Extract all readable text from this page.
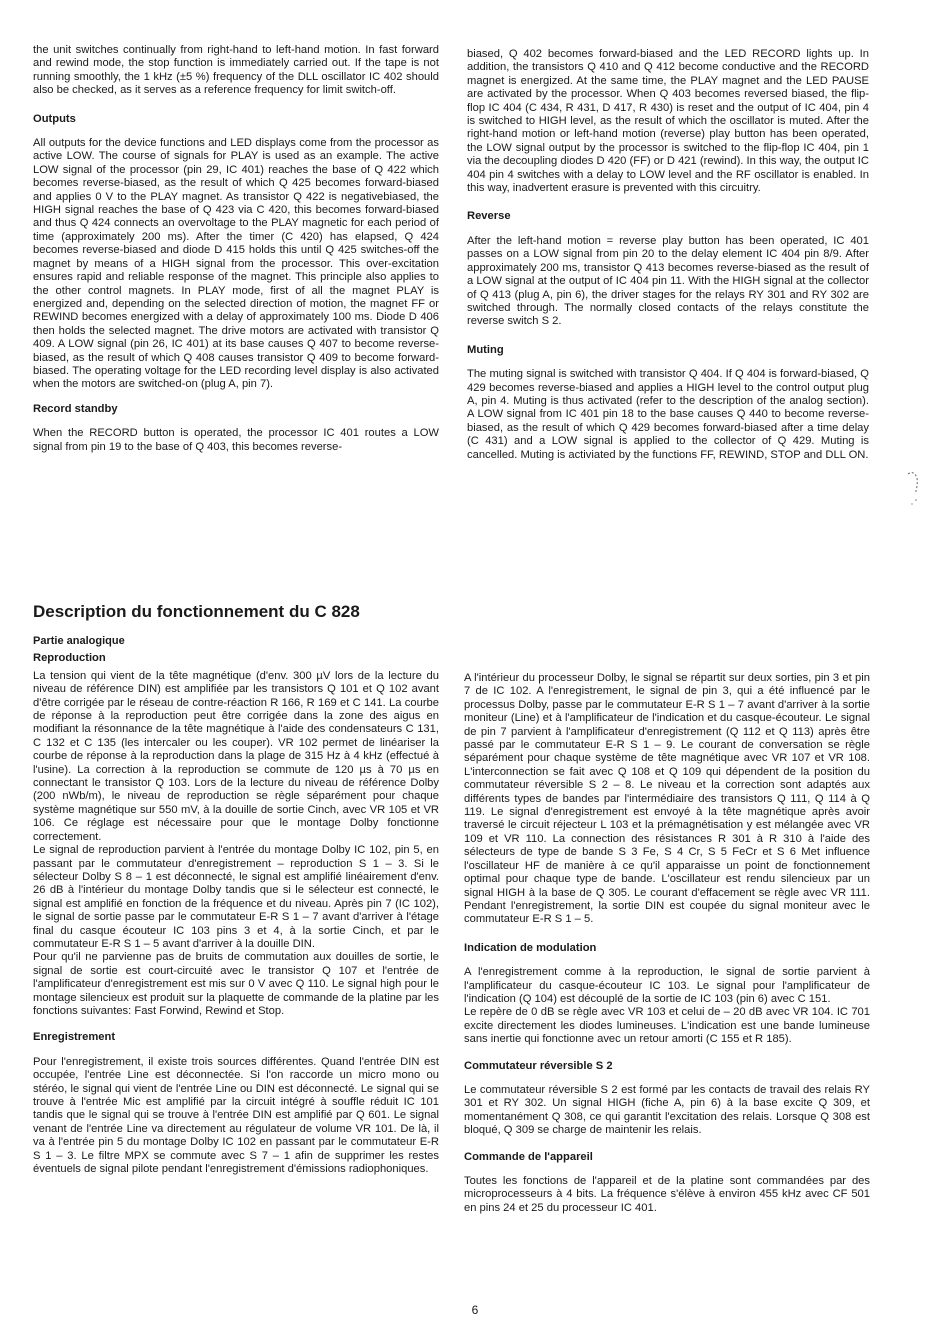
the unit switches continually from right-hand to left-hand motion. In fast forward and rewind mode, the stop function is immediately carried out. If the tape is not running smoothly, the 1 kHz (±5 %) frequency of the DLL oscillator IC 402 should also be checked, as it serves as a reference frequency for limit switch-off.

Outputs

All outputs for the device functions and LED displays come from the processor as active LOW. The course of signals for PLAY is used as an example. The active LOW signal of the processor (pin 29, IC 401) reaches the base of Q 422 which becomes reverse-biased, as the result of which Q 425 becomes forward-biased and applies 0 V to the PLAY magnet. As transistor Q 422 is negativebiased, the HIGH signal reaches the base of Q 423 via C 420, this becomes forward-biased and thus Q 424 connects an overvoltage to the PLAY magnetic for each period of time (approximately 200 ms). After the timer (C 420) has elapsed, Q 424 becomes reverse-biased and diode D 415 holds this until Q 425 switches-off the magnet by means of a HIGH signal from the processor. This over-excitation ensures rapid and reliable response of the magnet. This principle also applies to the other control magnets. In PLAY mode, first of all the magnet PLAY is energized and, depending on the selected direction of motion, the magnet FF or REWIND becomes energized with a delay of approximately 100 ms. Diode D 406 then holds the selected magnet. The drive motors are activated with transistor Q 409. A LOW signal (pin 26, IC 401) at its base causes Q 407 to become reverse-biased, as the result of which Q 408 causes transistor Q 409 to become forward-biased. The operating voltage for the LED recording level display is also activated when the motors are switched-on (plug A, pin 7).

Record standby

When the RECORD button is operated, the processor IC 401 routes a LOW signal from pin 19 to the base of Q 403, this becomes reverse-

biased, Q 402 becomes forward-biased and the LED RECORD lights up. In addition, the transistors Q 410 and Q 412 become conductive and the RECORD magnet is energized. At the same time, the PLAY magnet and the LED PAUSE are activated by the processor. When Q 403 becomes reversed biased, the flip-flop IC 404 (C 434, R 431, D 417, R 430) is reset and the output of IC 404, pin 4 is switched to HIGH level, as the result of which the oscillator is muted. After the right-hand motion or left-hand motion (reverse) play button has been operated, the LOW signal output by the processor is switched to the flip-flop IC 404, pin 1 via the decoupling diodes D 420 (FF) or D 421 (rewind). In this way, the output IC 404 pin 4 switches with a delay to LOW level and the RF oscillator is enabled. In this way, inadvertent erasure is prevented with this circuitry.

Reverse

After the left-hand motion = reverse play button has been operated, IC 401 passes on a LOW signal from pin 20 to the delay element IC 404 pin 8/9. After approximately 200 ms, transistor Q 413 becomes reverse-biased as the result of a LOW signal at the output of IC 404 pin 11. With the HIGH signal at the collector of Q 413 (plug A, pin 6), the driver stages for the relays RY 301 and RY 302 are switched through. The normally closed contacts of the relays constitute the reverse switch S 2.

Muting

The muting signal is switched with transistor Q 404. If Q 404 is forward-biased, Q 429 becomes reverse-biased and applies a HIGH level to the control output plug A, pin 4. Muting is thus activated (refer to the description of the analog section). A LOW signal from IC 401 pin 18 to the base causes Q 440 to become reverse-biased, as the result of which Q 429 becomes forward-biased after a time delay (C 431) and a LOW signal is applied to the collector of Q 429. Muting is cancelled. Muting is activiated by the functions FF, REWIND, STOP and DLL ON.

Description du fonctionnement du C 828
Partie analogique
Reproduction

La tension qui vient de la tête magnétique (d'env. 300 µV lors de la lecture du niveau de référence DIN) est amplifiée par les transistors Q 101 et Q 102 avant d'être corrigée par le réseau de contre-réaction R 166, R 169 et C 141. La courbe de réponse à la reproduction peut être corrigée dans la zone des aigus en modifiant la résonnance de la tête magnétique à l'aide des condensateurs C 131, C 132 et C 135 (les intercaler ou les couper). VR 102 permet de linéariser la courbe de réponse à la reproduction dans la plage de 315 Hz à 4 kHz (effectué à l'usine). La correction à la reproduction se commute de 120 µs à 70 µs en connectant le transistor Q 103. Lors de la lecture du niveau de référence Dolby (200 nWb/m), le niveau de reproduction se règle séparément pour chaque système magnétique sur 550 mV, à la douille de sortie Cinch, avec VR 105 et VR 106. Ce réglage est nécessaire pour que le montage Dolby fonctionne correctement.

Le signal de reproduction parvient à l'entrée du montage Dolby IC 102, pin 5, en passant par le commutateur d'enregistrement – reproduction S 1 – 3. Si le sélecteur Dolby S 8 – 1 est déconnecté, le signal est amplifié linéairement d'env. 26 dB à l'intérieur du montage Dolby tandis que si le sélecteur est connecté, le signal est amplifié en fonction de la fréquence et du niveau. Après pin 7 (IC 102), le signal de sortie passe par le commutateur E-R S 1 – 7 avant d'arriver à l'étage final du casque écouteur IC 103 pins 3 et 4, à la sortie Cinch, et par le commutateur E-R S 1 – 5 avant d'arriver à la douille DIN.

Pour qu'il ne parvienne pas de bruits de commutation aux douilles de sortie, le signal de sortie est court-circuité avec le transistor Q 107 et l'entrée de l'amplificateur d'enregistrement est mis sur 0 V avec Q 110. Le signal high pour le montage silencieux est produit sur la plaquette de commande de la platine par les fonctions suivantes: Fast Forwind, Rewind et Stop.

Enregistrement

Pour l'enregistrement, il existe trois sources différentes. Quand l'entrée DIN est occupée, l'entrée Line est déconnectée. Si l'on raccorde un micro mono ou stéréo, le signal qui vient de l'entrée Line ou DIN est déconnecté. Le signal qui se trouve à l'entrée Mic est amplifié par la circuit intégré à souffle réduit IC 101 tandis que le signal qui se trouve à l'entrée DIN est amplifié par Q 601. Le signal venant de l'entrée Line va directement au régulateur de volume VR 101. De là, il va à l'entrée pin 5 du montage Dolby IC 102 en passant par le commutateur E-R S 1 – 3. Le filtre MPX se commute avec S 7 – 1 afin de supprimer les restes éventuels de signal pilote pendant l'enregistrement d'émissions radiophoniques.

A l'intérieur du processeur Dolby, le signal se répartit sur deux sorties, pin 3 et pin 7 de IC 102. A l'enregistrement, le signal de pin 3, qui a été influencé par le processus Dolby, passe par le commutateur E-R S 1 – 7 avant d'arriver à la sortie moniteur (Line) et à l'amplificateur de l'indication et du casque-écouteur. Le signal de pin 7 parvient à l'amplificateur d'enregistrement (Q 112 et Q 113) après être passé par le commutateur E-R S 1 – 9. Le courant de conversation se règle séparément pour chaque système de tête magnétique avec VR 107 et VR 108. L'interconnection se fait avec Q 108 et Q 109 qui dépendent de la position du commutateur réversible S 2 – 8. Le niveau et la correction sont adaptés aux différents types de bandes par l'intermédiaire des transistors Q 111, Q 114 à Q 119. Le signal d'enregistrement est envoyé à la tête magnétique après avoir traversé le circuit réjecteur L 103 et la prémagnétisation y est mélangée avec VR 109 et VR 110. La connection des résistances R 301 à R 310 à l'aide des sélecteurs de type de bande S 3 Fe, S 4 Cr, S 5 FeCr et S 6 Met influence l'oscillateur HF de manière à ce qu'il apparaisse un point de fonctionnement optimal pour chaque type de bande. L'oscillateur est rendu silencieux par un signal HIGH à la base de Q 305. Le courant d'effacement se règle avec VR 111. Pendant l'enregistrement, la sortie DIN est coupée du signal moniteur avec le commutateur E-R S 1 – 5.

Indication de modulation

A l'enregistrement comme à la reproduction, le signal de sortie parvient à l'amplificateur du casque-écouteur IC 103. Le signal pour l'amplificateur de l'indication (Q 104) est découplé de la sortie de IC 103 (pin 6) avec C 151.

Le repère de 0 dB se règle avec VR 103 et celui de – 20 dB avec VR 104. IC 701 excite directement les diodes lumineuses. L'indication est une bande lumineuse sans inertie qui fonctionne avec un retour amorti (C 155 et R 185).

Commutateur réversible S 2

Le commutateur réversible S 2 est formé par les contacts de travail des relais RY 301 et RY 302. Un signal HIGH (fiche A, pin 6) à la base excite Q 309, et momentanément Q 308, ce qui garantit l'excitation des relais. Lorsque Q 308 est bloqué, Q 309 se charge de maintenir les relais.

Commande de l'appareil

Toutes les fonctions de l'appareil et de la platine sont commandées par des microprocesseurs à 4 bits. La fréquence s'élève à environ 455 kHz avec CF 501 en pins 24 et 25 du processeur IC 401.

6
